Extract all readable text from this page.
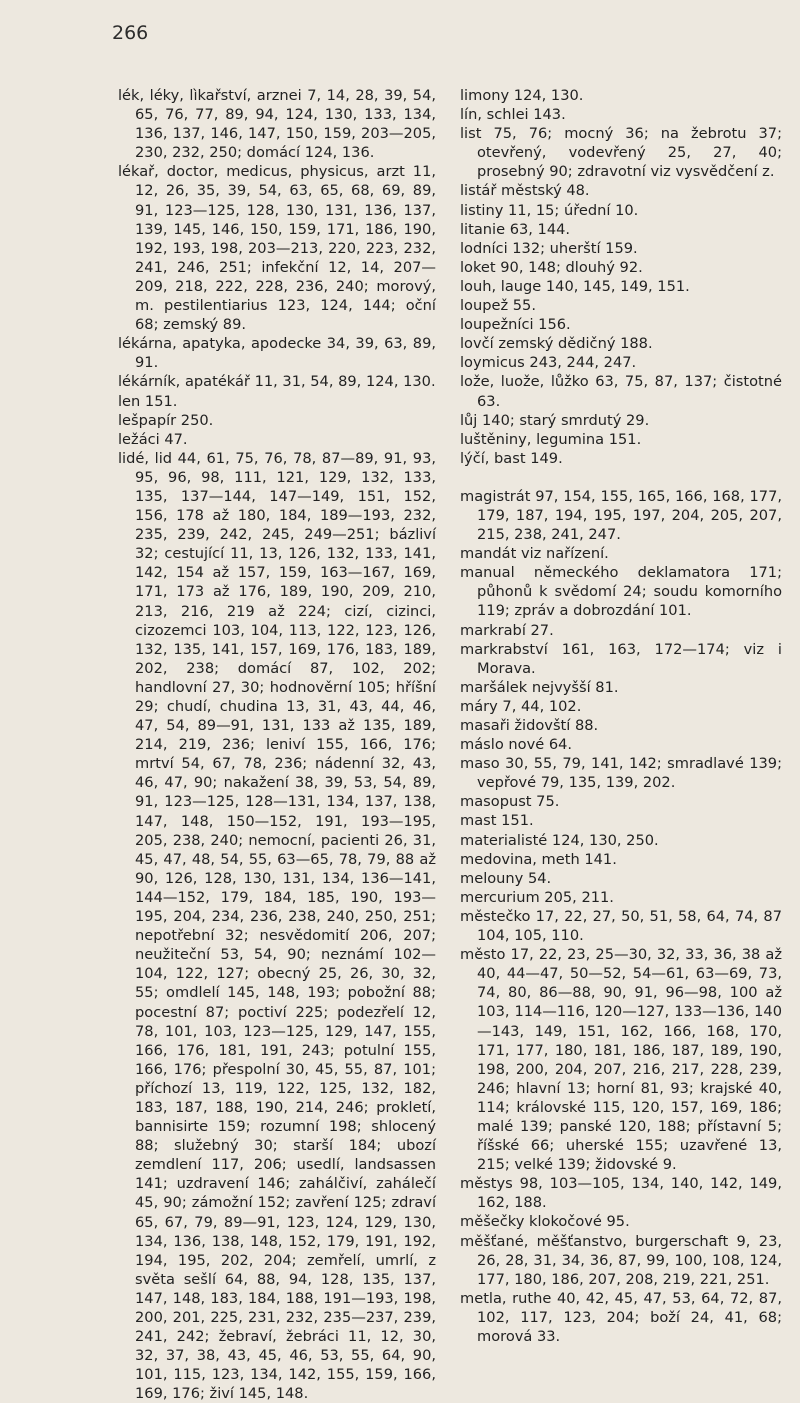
266

lék, léky, lìkařství, arznei 7, 14, 28, 39, 54, 65, 76, 77, 89, 94, 124, 130, 133, 134, 136, 137, 146, 147, 150, 159, 203—205, 230, 232, 250; domácí 124, 136.

lékař, doctor, medicus, physicus, arzt 11, 12, 26, 35, 39, 54, 63, 65, 68, 69, 89, 91, 123—125, 128, 130, 131, 136, 137, 139, 145, 146, 150, 159, 171, 186, 190, 192, 193, 198, 203—213, 220, 223, 232, 241, 246, 251; infekční 12, 14, 207—209, 218, 222, 228, 236, 240; morový, m. pestilentiarius 123, 124, 144; oční 68; zemský 89.

lékárna, apatyka, apodecke 34, 39, 63, 89, 91.

lékárník, apatékář 11, 31, 54, 89, 124, 130.

len 151.

lešpapír 250.

ležáci 47.

lidé, lid 44, 61, 75, 76, 78, 87—89, 91, 93, 95, 96, 98, 111, 121, 129, 132, 133, 135, 137—144, 147—149, 151, 152, 156, 178 až 180, 184, 189—193, 232, 235, 239, 242, 245, 249—251; bázliví 32; cestující 11, 13, 126, 132, 133, 141, 142, 154 až 157, 159, 163—167, 169, 171, 173 až 176, 189, 190, 209, 210, 213, 216, 219 až 224; cizí, cizinci, cizozemci 103, 104, 113, 122, 123, 126, 132, 135, 141, 157, 169, 176, 183, 189, 202, 238; domácí 87, 102, 202; handlovní 27, 30; hodnověrní 105; hříšní 29; chudí, chudina 13, 31, 43, 44, 46, 47, 54, 89—91, 131, 133 až 135, 189, 214, 219, 236; leniví 155, 166, 176; mrtví 54, 67, 78, 236; nádenní 32, 43, 46, 47, 90; nakažení 38, 39, 53, 54, 89, 91, 123—125, 128—131, 134, 137, 138, 147, 148, 150—152, 191, 193—195, 205, 238, 240; nemocní, pacienti 26, 31, 45, 47, 48, 54, 55, 63—65, 78, 79, 88 až 90, 126, 128, 130, 131, 134, 136—141, 144—152, 179, 184, 185, 190, 193—195, 204, 234, 236, 238, 240, 250, 251; nepotřební 32; nesvědomití 206, 207; neužiteční 53, 54, 90; neznámí 102—104, 122, 127; obecný 25, 26, 30, 32, 55; omdlelí 145, 148, 193; pobožní 88; pocestní 87; poctiví 225; podezřelí 12, 78, 101, 103, 123—125, 129, 147, 155, 166, 176, 181, 191, 243; potulní 155, 166, 176; přespolní 30, 45, 55, 87, 101; příchozí 13, 119, 122, 125, 132, 182, 183, 187, 188, 190, 214, 246; prokletí, bannisirte 159; rozumní 198; shlocený 88; služebný 30; starší 184; ubozí zemdlení 117, 206; usedlí, landsassen 141; uzdravení 146; zahálčiví, zahálečí 45, 90; zámožní 152; zavření 125; zdraví 65, 67, 79, 89—91, 123, 124, 129, 130, 134, 136, 138, 148, 152, 179, 191, 192, 194, 195, 202, 204; zemřelí, umrlí, z světa sešlí 64, 88, 94, 128, 135, 137, 147, 148, 183, 184, 188, 191—193, 198, 200, 201, 225, 231, 232, 235—237, 239, 241, 242; žebraví, žebráci 11, 12, 30, 32, 37, 38, 43, 45, 46, 53, 55, 64, 90, 101, 115, 123, 134, 142, 155, 159, 166, 169, 176; živí 145, 148.

limony 124, 130.

lín, schlei 143.

list 75, 76; mocný 36; na žebrotu 37; otevřený, vodevřený 25, 27, 40; prosebný 90; zdravotní viz vysvědčení z.

listář městský 48.

listiny 11, 15; úřední 10.

litanie 63, 144.

lodníci 132; uherští 159.

loket 90, 148; dlouhý 92.

louh, lauge 140, 145, 149, 151.

loupež 55.

loupežníci 156.

lovčí zemský dědičný 188.

loymicus 243, 244, 247.

lože, luože, lůžko 63, 75, 87, 137; čistotné 63.

lůj 140; starý smrdutý 29.

luštěniny, legumina 151.

lýčí, bast 149.

magistrát 97, 154, 155, 165, 166, 168, 177, 179, 187, 194, 195, 197, 204, 205, 207, 215, 238, 241, 247.

mandát viz nařízení.

manual německého deklamatora 171; půhonů k svědomí 24; soudu komorního 119; zpráv a dobrozdání 101.

markrabí 27.

markrabství 161, 163, 172—174; viz i Morava.

maršálek nejvyšší 81.

máry 7, 44, 102.

masaři židovští 88.

máslo nové 64.

maso 30, 55, 79, 141, 142; smradlavé 139; vepřové 79, 135, 139, 202.

masopust 75.

mast 151.

materialisté 124, 130, 250.

medovina, meth 141.

melouny 54.

mercurium 205, 211.

městečko 17, 22, 27, 50, 51, 58, 64, 74, 87 104, 105, 110.

město 17, 22, 23, 25—30, 32, 33, 36, 38 až 40, 44—47, 50—52, 54—61, 63—69, 73, 74, 80, 86—88, 90, 91, 96—98, 100 až 103, 114—116, 120—127, 133—136, 140—143, 149, 151, 162, 166, 168, 170, 171, 177, 180, 181, 186, 187, 189, 190, 198, 200, 204, 207, 216, 217, 228, 239, 246; hlavní 13; horní 81, 93; krajské 40, 114; královské 115, 120, 157, 169, 186; malé 139; panské 120, 188; přístavní 5; říšské 66; uherské 155; uzavřené 13, 215; velké 139; židovské 9.

městys 98, 103—105, 134, 140, 142, 149, 162, 188.

měšečky klokočové 95.

měšťané, měšťanstvo, burgerschaft 9, 23, 26, 28, 31, 34, 36, 87, 99, 100, 108, 124, 177, 180, 186, 207, 208, 219, 221, 251.

metla, ruthe 40, 42, 45, 47, 53, 64, 72, 87, 102, 117, 123, 204; boží 24, 41, 68; morová 33.
